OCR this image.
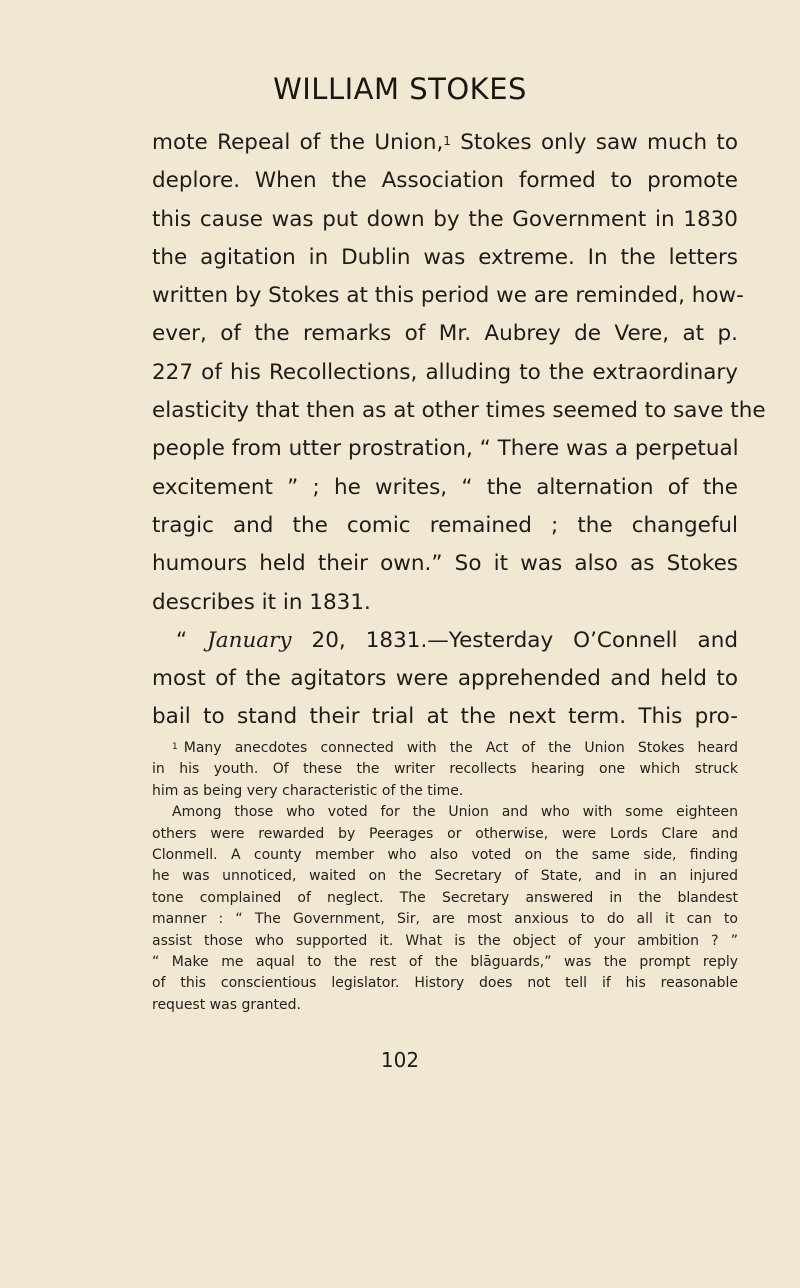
WILLIAM STOKES
mote Repeal of the Union,$^1$ Stokes only saw much to
deplore. When the Association formed to promote
this cause was put down by the Government in 1830
the agitation in Dublin was extreme. In the letters
written by Stokes at this period we are reminded, how-
ever, of the remarks of Mr. Aubrey de Vere, at p.
227 of his Recollections, alluding to the extraordinary
elasticity that then as at other times seemed to save the
people from utter prostration, “ There was a perpetual
excitement ” ; he writes, “ the alternation of the
tragic and the comic remained ; the changeful
humours held their own.” So it was also as Stokes
describes it in 1831.
“ January 20, 1831.—Yesterday O’Connell and
most of the agitators were apprehended and held to
bail to stand their trial at the next term. This pro-
$^1$ Many anecdotes connected with the Act of the Union Stokes heard
in his youth. Of these the writer recollects hearing one which struck
him as being very characteristic of the time.
Among those who voted for the Union and who with some eighteen
others were rewarded by Peerages or otherwise, were Lords Clare and
Clonmell. A county member who also voted on the same side, finding
he was unnoticed, waited on the Secretary of State, and in an injured
tone complained of neglect. The Secretary answered in the blandest
manner : “ The Government, Sir, are most anxious to do all it can to
assist those who supported it. What is the object of your ambition ? ”
“ Make me aqual to the rest of the blāguards,” was the prompt reply
of this conscientious legislator. History does not tell if his reasonable
request was granted.
102
